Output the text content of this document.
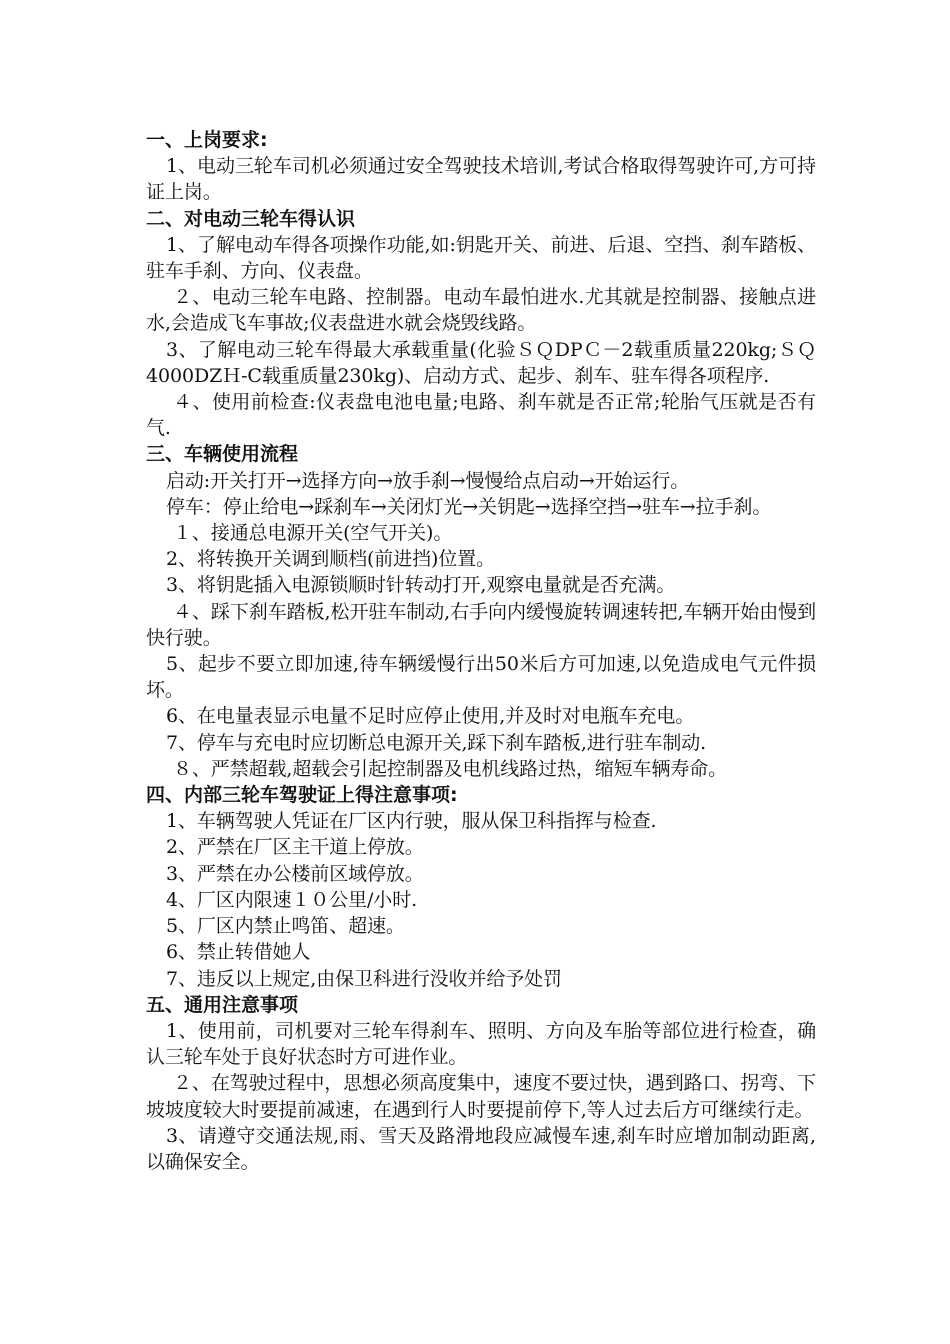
一、上岗要求:

1、电动三轮车司机必须通过安全驾驶技术培训,考试合格取得驾驶许可,方可持证上岗。

二、对电动三轮车得认识

1、了解电动车得各项操作功能,如:钥匙开关、前进、后退、空挡、刹车踏板、驻车手刹、方向、仪表盘。

２、电动三轮车电路、控制器。电动车最怕进水.尤其就是控制器、接触点进水,会造成飞车事故;仪表盘进水就会烧毁线路。

3、了解电动三轮车得最大承载重量(化验ＳＱDPＣ－2载重质量220kg;ＳＱ4000DZＨ-C载重质量230kg)、启动方式、起步、刹车、驻车得各项程序.

４、使用前检查:仪表盘电池电量;电路、刹车就是否正常;轮胎气压就是否有气.

三、车辆使用流程

启动:开关打开→选择方向→放手刹→慢慢给点启动→开始运行。

停车：停止给电→踩刹车→关闭灯光→关钥匙→选择空挡→驻车→拉手刹。

１、接通总电源开关(空气开关)。

2、将转换开关调到顺档(前进挡)位置。

3、将钥匙插入电源锁顺时针转动打开,观察电量就是否充满。

４、踩下刹车踏板,松开驻车制动,右手向内缓慢旋转调速转把,车辆开始由慢到快行驶。

5、起步不要立即加速,待车辆缓慢行出50米后方可加速,以免造成电气元件损坏。

6、在电量表显示电量不足时应停止使用,并及时对电瓶车充电。

7、停车与充电时应切断总电源开关,踩下刹车踏板,进行驻车制动.

８、严禁超载,超载会引起控制器及电机线路过热，缩短车辆寿命。

四、内部三轮车驾驶证上得注意事项:

1、车辆驾驶人凭证在厂区内行驶，服从保卫科指挥与检查.

2、严禁在厂区主干道上停放。

3、严禁在办公楼前区域停放。

4、厂区内限速１０公里/小时.

5、厂区内禁止鸣笛、超速。

6、禁止转借她人

7、违反以上规定,由保卫科进行没收并给予处罚

五、通用注意事项

1、使用前，司机要对三轮车得刹车、照明、方向及车胎等部位进行检查，确认三轮车处于良好状态时方可进作业。

２、在驾驶过程中，思想必须高度集中，速度不要过快，遇到路口、拐弯、下坡坡度较大时要提前减速，在遇到行人时要提前停下,等人过去后方可继续行走。

3、请遵守交通法规,雨、雪天及路滑地段应减慢车速,刹车时应增加制动距离,以确保安全。
